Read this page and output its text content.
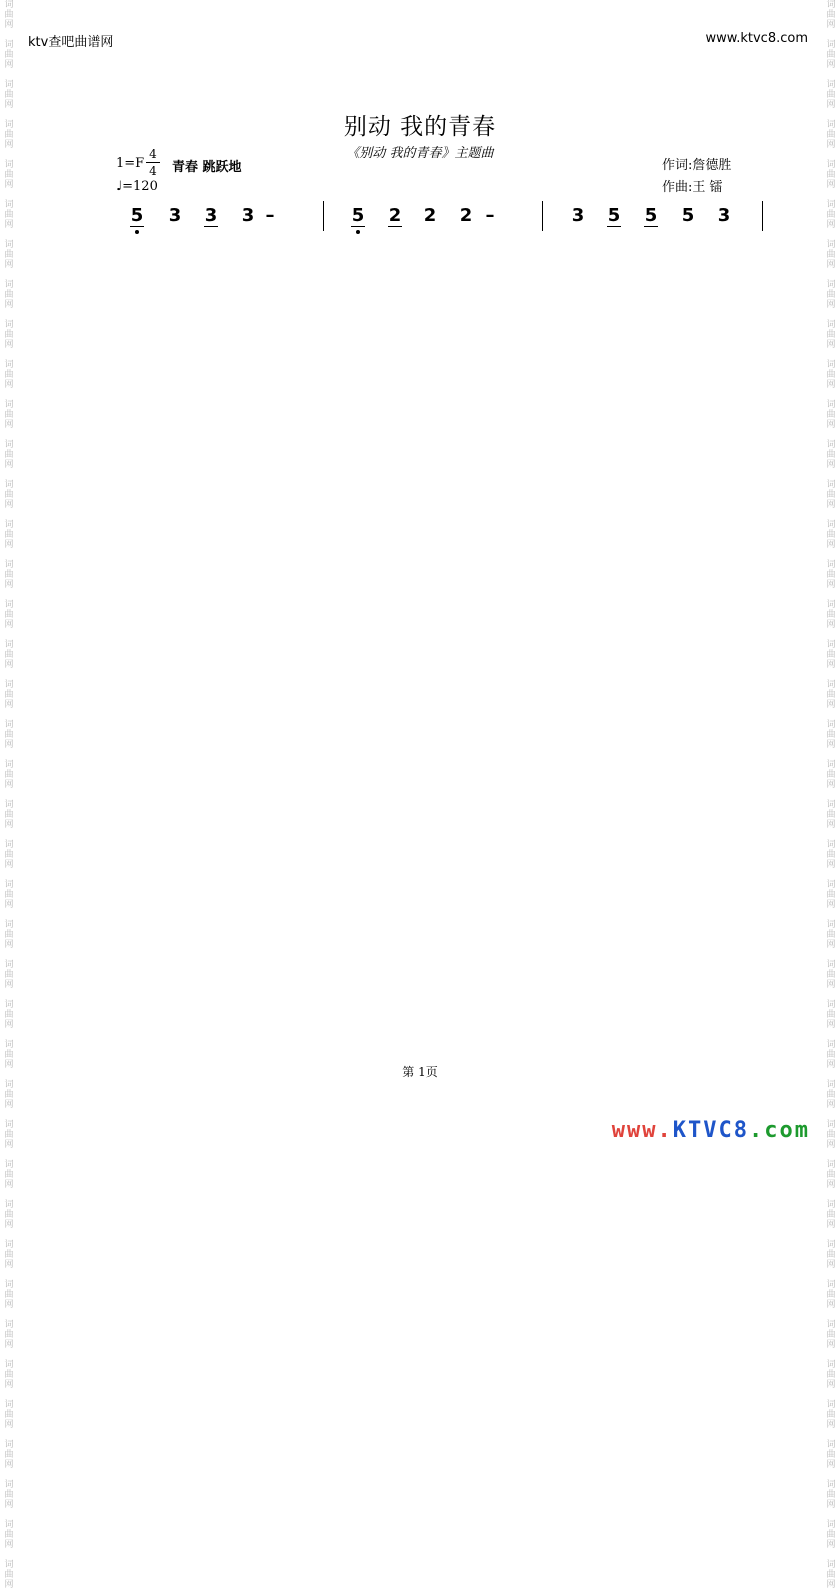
词
曲
网

词
曲
网

词
曲
网

词
曲
网

词
曲
网

词
曲
网

词
曲
网

词
曲
网

词
曲
网

词
曲
网

词
曲
网

词
曲
网

词
曲
网

词
曲
网

词
曲
网

词
曲
网

词
曲
网

词
曲
网

词
曲
网

词
曲
网

词
曲
网

词
曲
网

词
曲
网

词
曲
网

词
曲
网

词
曲
网

词
曲
网

词
曲
网

词
曲
网

词
曲
网

词
曲
网

词
曲
网

词
曲
网

词
曲
网

词
曲
网

词
曲
网

词
曲
网

词
曲
网

词
曲
网

词
曲
网

词
曲
网

词
曲
网

词
曲
网

词
曲
网

词
曲
网

词
曲
网

词
曲
网

词
曲
网

词
曲
网

词
曲
网

词
曲
网

词
曲
网

词
曲
网

词
曲
网

词
曲
网

词
曲
网

词
曲
网

词
曲
网

词
曲
网

词
曲
网

词
曲
网

词
曲
网

词
曲
网

词
曲
网

词
曲
网

词
曲
网

词
曲
网

词
曲
网

词
曲
网

词
曲
网

词
曲
网

词
曲
网

词
曲
网

词
曲
网

词
曲
网

词
曲
网

词
曲
网

词
曲
网

词
曲
网

词
曲
网

ktv查吧曲谱网	www.ktvc8.com
别动 我的青春
《别动 我的青春》主题曲
1=F
4
4 青春 跳跃地
♩=120
作词:詹德胜
作曲:王 镭
5 3 3 3 –	5 2 2 2 –	3 5 5 5 3
第 1页
www.KTVC8.com
